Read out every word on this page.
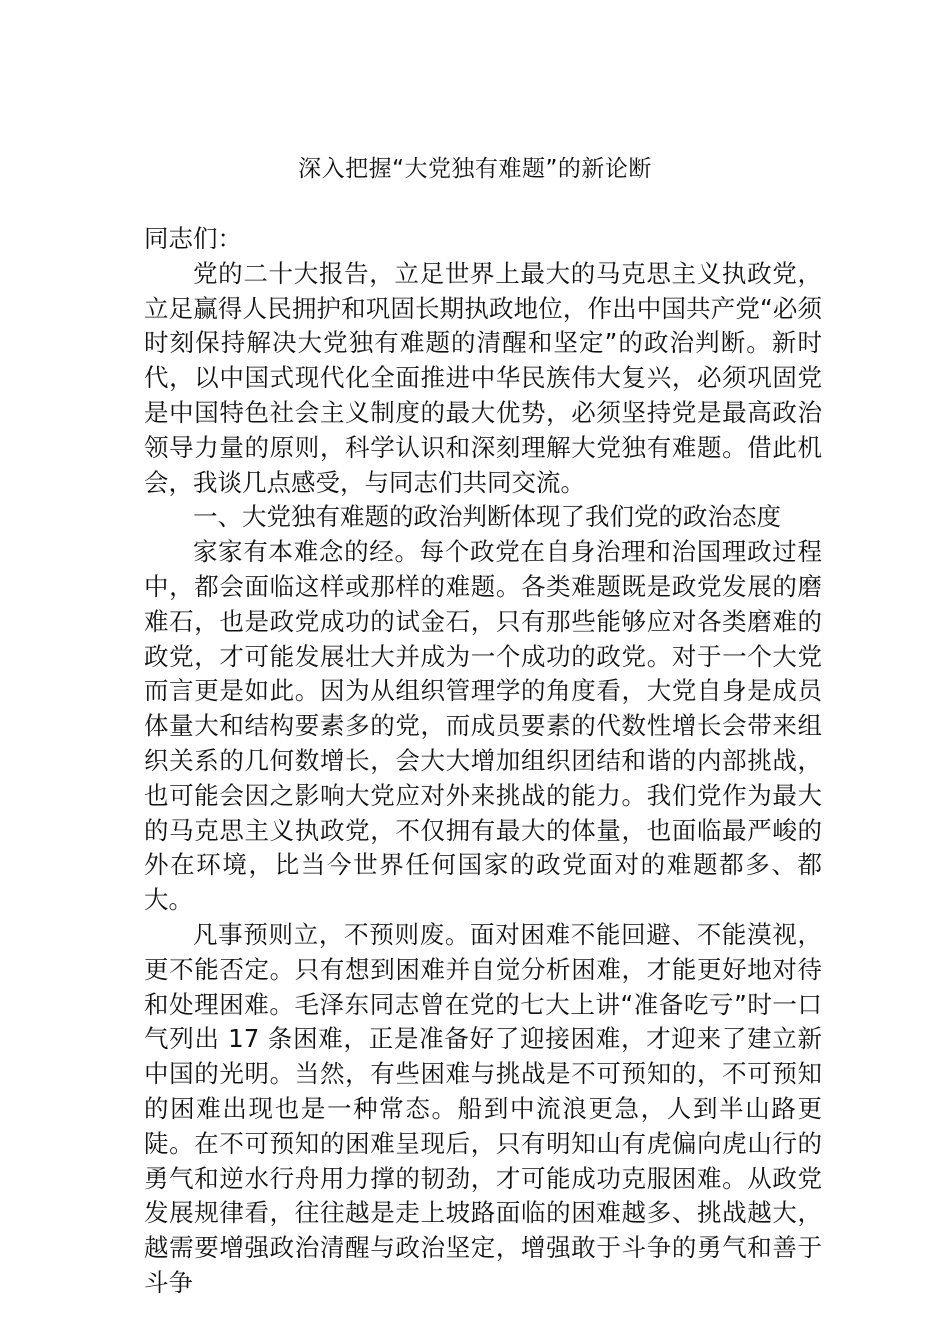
深入把握“大党独有难题”的新论断

同志们：

党的二十大报告，立足世界上最大的马克思主义执政党，立足赢得人民拥护和巩固长期执政地位，作出中国共产党“必须时刻保持解决大党独有难题的清醒和坚定”的政治判断。新时代，以中国式现代化全面推进中华民族伟大复兴，必须巩固党是中国特色社会主义制度的最大优势，必须坚持党是最高政治领导力量的原则，科学认识和深刻理解大党独有难题。借此机会，我谈几点感受，与同志们共同交流。

一、大党独有难题的政治判断体现了我们党的政治态度

家家有本难念的经。每个政党在自身治理和治国理政过程中，都会面临这样或那样的难题。各类难题既是政党发展的磨难石，也是政党成功的试金石，只有那些能够应对各类磨难的政党，才可能发展壮大并成为一个成功的政党。对于一个大党而言更是如此。因为从组织管理学的角度看，大党自身是成员体量大和结构要素多的党，而成员要素的代数性增长会带来组织关系的几何数增长，会大大增加组织团结和谐的内部挑战，也可能会因之影响大党应对外来挑战的能力。我们党作为最大的马克思主义执政党，不仅拥有最大的体量，也面临最严峻的外在环境，比当今世界任何国家的政党面对的难题都多、都大。

凡事预则立，不预则废。面对困难不能回避、不能漠视，更不能否定。只有想到困难并自觉分析困难，才能更好地对待和处理困难。毛泽东同志曾在党的七大上讲“准备吃亏”时一口气列出 17 条困难，正是准备好了迎接困难，才迎来了建立新中国的光明。当然，有些困难与挑战是不可预知的，不可预知的困难出现也是一种常态。船到中流浪更急，人到半山路更陡。在不可预知的困难呈现后，只有明知山有虎偏向虎山行的勇气和逆水行舟用力撑的韧劲，才可能成功克服困难。从政党发展规律看，往往越是走上坡路面临的困难越多、挑战越大，越需要增强政治清醒与政治坚定，增强敢于斗争的勇气和善于斗争
